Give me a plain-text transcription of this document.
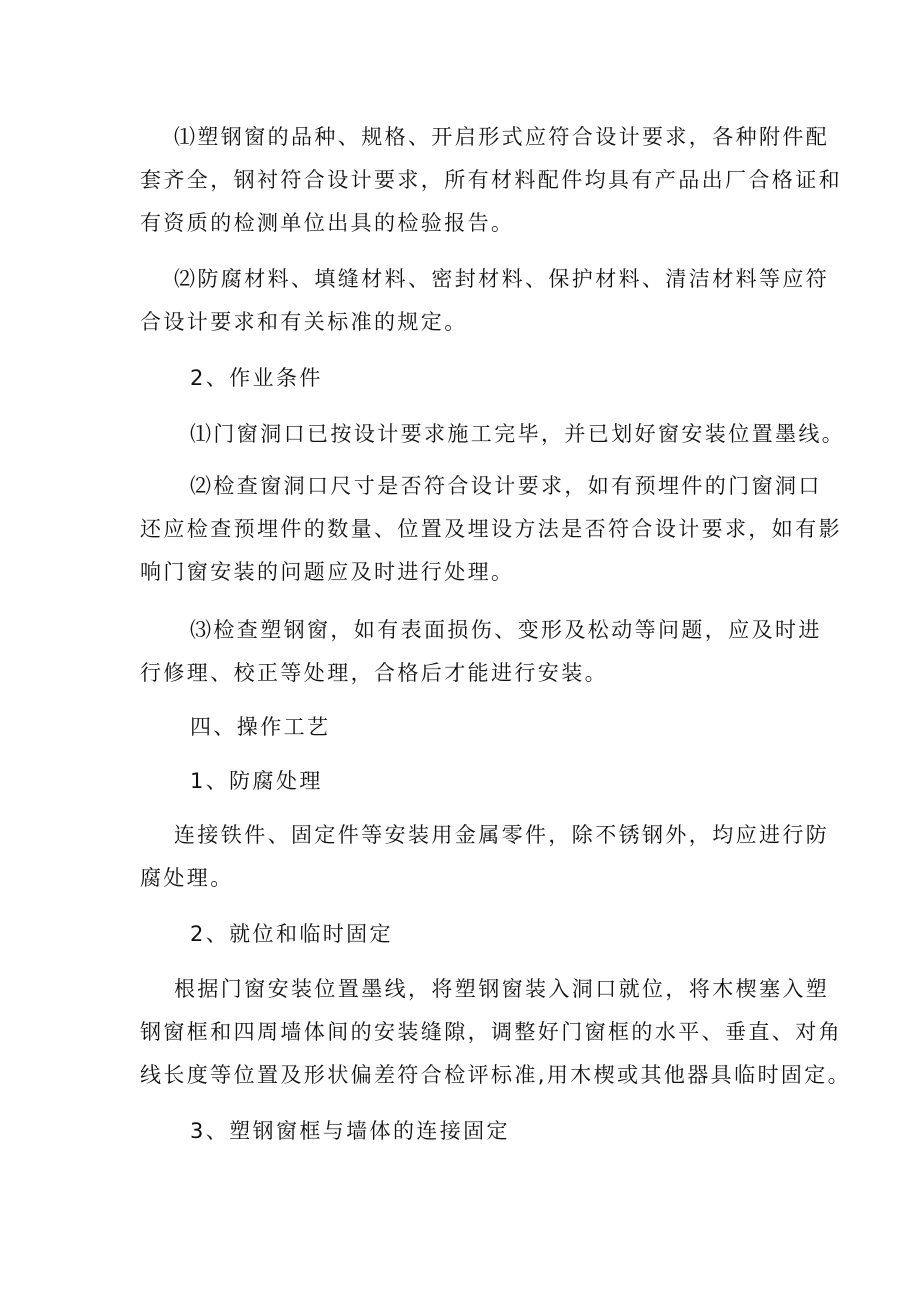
⑴塑钢窗的品种、规格、开启形式应符合设计要求，各种附件配
套齐全，钢衬符合设计要求，所有材料配件均具有产品出厂合格证和
有资质的检测单位出具的检验报告。
⑵防腐材料、填缝材料、密封材料、保护材料、清洁材料等应符
合设计要求和有关标准的规定。
2、作业条件
⑴门窗洞口已按设计要求施工完毕，并已划好窗安装位置墨线。
⑵检查窗洞口尺寸是否符合设计要求，如有预埋件的门窗洞口
还应检查预埋件的数量、位置及埋设方法是否符合设计要求，如有影
响门窗安装的问题应及时进行处理。
⑶检查塑钢窗，如有表面损伤、变形及松动等问题，应及时进
行修理、校正等处理，合格后才能进行安装。
四、操作工艺
1、防腐处理
连接铁件、固定件等安装用金属零件，除不锈钢外，均应进行防
腐处理。
2、就位和临时固定
根据门窗安装位置墨线，将塑钢窗装入洞口就位，将木楔塞入塑
钢窗框和四周墙体间的安装缝隙，调整好门窗框的水平、垂直、对角
线长度等位置及形状偏差符合检评标准,用木楔或其他器具临时固定。
3、塑钢窗框与墙体的连接固定
